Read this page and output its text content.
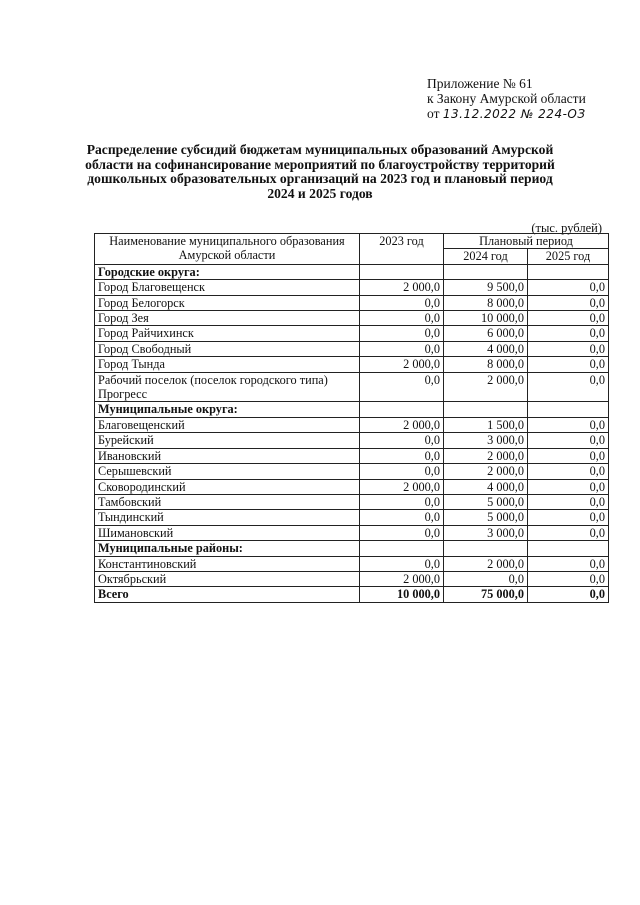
Приложение № 61
к Закону Амурской области
от 13.12.2022 № 224-ОЗ
Распределение субсидий бюджетам муниципальных образований Амурской области на софинансирование мероприятий по благоустройству территорий дошкольных образовательных организаций на 2023 год и плановый период 2024 и 2025 годов
(тыс. рублей)
Наименование муниципального образования Амурской области	2023 год	Плановый период	
		2024 год	2025 год
Городские округа:			
Город Благовещенск	2 000,0	9 500,0	0,0
Город Белогорск	0,0	8 000,0	0,0
Город Зея	0,0	10 000,0	0,0
Город Райчихинск	0,0	6 000,0	0,0
Город Свободный	0,0	4 000,0	0,0
Город Тында	2 000,0	8 000,0	0,0
Рабочий поселок (поселок городского типа) Прогресс	0,0	2 000,0	0,0
Муниципальные округа:			
Благовещенский	2 000,0	1 500,0	0,0
Бурейский	0,0	3 000,0	0,0
Ивановский	0,0	2 000,0	0,0
Серышевский	0,0	2 000,0	0,0
Сковородинский	2 000,0	4 000,0	0,0
Тамбовский	0,0	5 000,0	0,0
Тындинский	0,0	5 000,0	0,0
Шимановский	0,0	3 000,0	0,0
Муниципальные районы:			
Константиновский	0,0	2 000,0	0,0
Октябрьский	2 000,0	0,0	0,0
Всего	10 000,0	75 000,0	0,0
